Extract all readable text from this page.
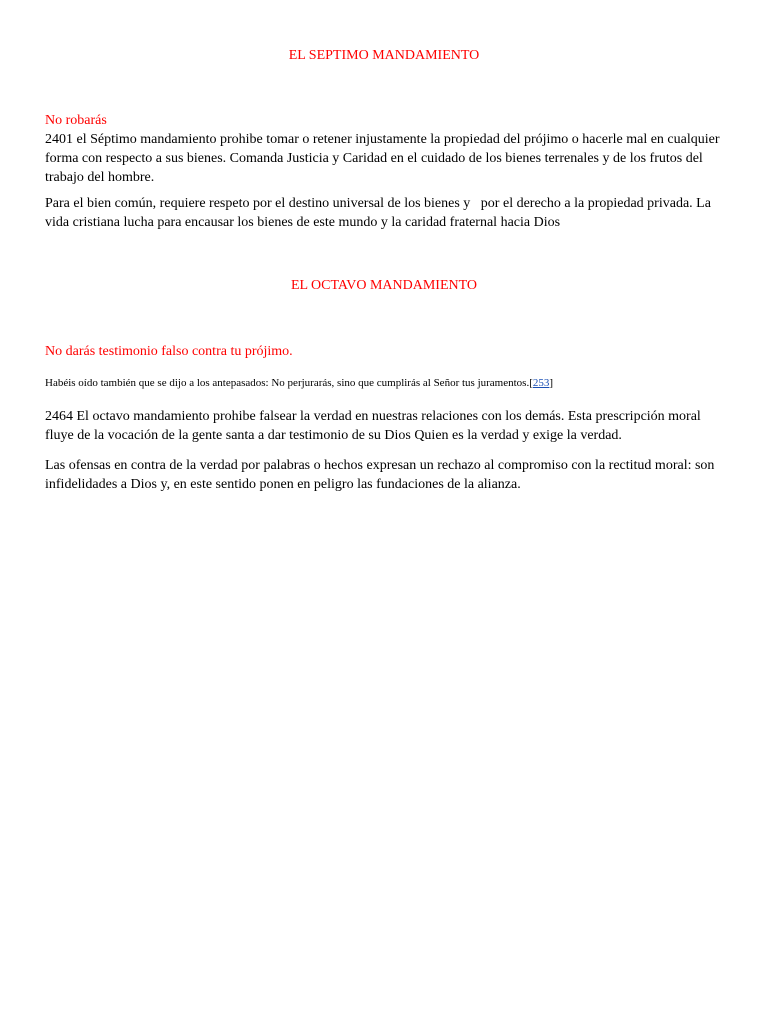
EL SEPTIMO MANDAMIENTO
No robarás
2401 el Séptimo mandamiento prohibe tomar o retener injustamente la propiedad del prójimo o hacerle mal en cualquier forma con respecto a sus bienes. Comanda Justicia y Caridad en el cuidado de los bienes terrenales y de los frutos del trabajo del hombre.
Para el bien común, requiere respeto por el destino universal de los bienes y   por el derecho a la propiedad privada. La vida cristiana lucha para encausar los bienes de este mundo y la caridad fraternal hacia Dios
EL OCTAVO MANDAMIENTO
No darás testimonio falso contra tu prójimo.
Habéis oído también que se dijo a los antepasados: No perjurarás, sino que cumplirás al Señor tus juramentos.[253]
2464 El octavo mandamiento prohibe falsear la verdad en nuestras relaciones con los demás. Esta prescripción moral fluye de la vocación de la gente santa a dar testimonio de su Dios Quien es la verdad y exige la verdad.
Las ofensas en contra de la verdad por palabras o hechos expresan un rechazo al compromiso con la rectitud moral: son infidelidades a Dios y, en este sentido ponen en peligro las fundaciones de la alianza.
